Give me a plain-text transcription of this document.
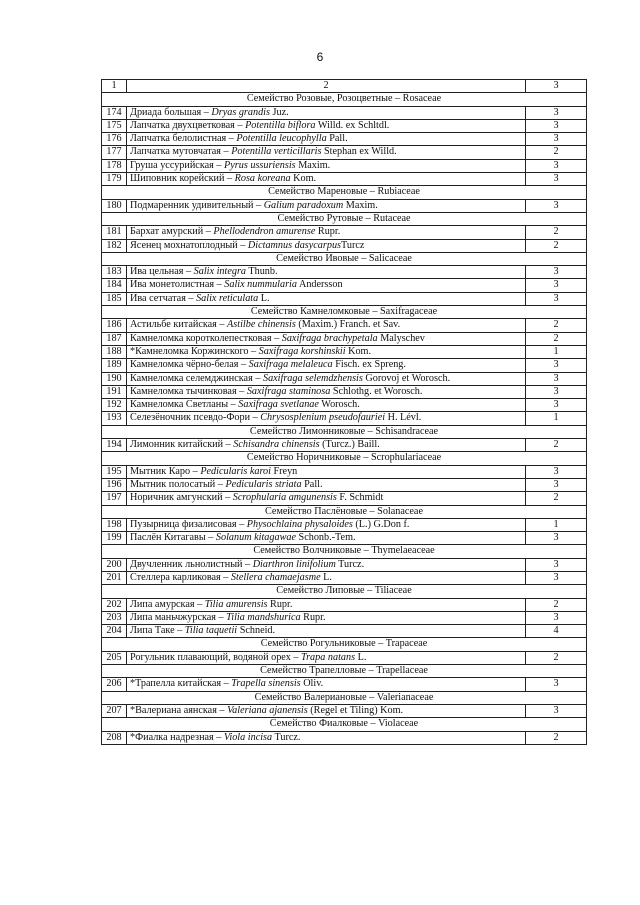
6
1	2	3
Семейство Розовые, Розоцветные – Rosaceae		
174	Дриада большая – Dryas grandis Juz.	3
175	Лапчатка двухцветковая – Potentilla biflora Willd. ex Schltdl.	3
176	Лапчатка белолистная – Potentilla leucophylla Pall.	3
177	Лапчатка мутовчатая – Potentilla verticillaris Stephan ex Willd.	2
178	Груша уссурийская – Pyrus ussuriensis Maxim.	3
179	Шиповник корейский – Rosa koreana Kom.	3
Семейство Мареновые – Rubiaceae		
180	Подмаренник удивительный – Galium paradoxum Maxim.	3
Семейство Рутовые – Rutaceae		
181	Бархат амурский – Phellodendron amurense Rupr.	2
182	Ясенец мохнатоплодный – Dictamnus dasycarpusTurcz	2
Семейство Ивовые – Salicaceae		
183	Ива цельная – Salix integra Thunb.	3
184	Ива монетолистная – Salix nummularia Andersson	3
185	Ива сетчатая – Salix reticulata L.	3
Семейство Камнеломковые – Saxifragaceae		
186	Астильбе китайская – Astilbe chinensis (Maxim.) Franch. et Sav.	2
187	Камнеломка коротколепестковая – Saxifraga brachypetala Malyschev	2
188	*Камнеломка Коржинского – Saxifraga korshinskii Kom.	1
189	Камнеломка чёрно-белая – Saxifraga melaleuca Fisch. ex Spreng.	3
190	Камнеломка селемджинская – Saxifraga selemdzhensis Gorovoj et Worosch.	3
191	Камнеломка тычинковая – Saxifraga staminosa Schlothg. et Worosch.	3
192	Камнеломка Светланы – Saxifraga svetlanae Worosch.	3
193	Селезёночник псевдо-Фори – Chrysosplenium pseudofauriei H. Lévl.	1
Семейство Лимонниковые – Schisandraceae		
194	Лимонник китайский – Schisandra chinensis (Turcz.) Baill.	2
Семейство Норичниковые – Scrophulariaceae		
195	Мытник Каро – Pedicularis karoi Freyn	3
196	Мытник полосатый – Pedicularis striata Pall.	3
197	Норичник амгунский – Scrophularia amgunensis F. Schmidt	2
Семейство Паслёновые – Solanaceae		
198	Пузырница физалисовая – Physochlaina physaloides (L.) G.Don f.	1
199	Паслён Китагавы – Solanum kitagawae Schonb.-Tem.	3
Семейство Волчниковые – Thymelaeaceae		
200	Двучленник льнолистный – Diarthron linifolium Turcz.	3
201	Стеллера карликовая – Stellera chamaejasme L.	3
Семейство Липовые – Tiliaceae		
202	Липа амурская – Tilia amurensis Rupr.	2
203	Липа маньчжурская – Tilia mandshurica Rupr.	3
204	Липа Таке – Tilia taquetii Schneid.	4
Семейство Рогульниковые – Trapaceae		
205	Рогульник плавающий, водяной орех – Trapa natans L.	2
Семейство Трапелловые – Trapellaceae		
206	*Трапелла китайская – Trapella sinensis Oliv.	3
Семейство Валериановые – Valerianaceae		
207	*Валериана аянская – Valeriana ajanensis (Regel et Tiling) Kom.	3
Семейство Фиалковые – Violaceae		
208	*Фиалка надрезная – Viola incisa Turcz.	2
